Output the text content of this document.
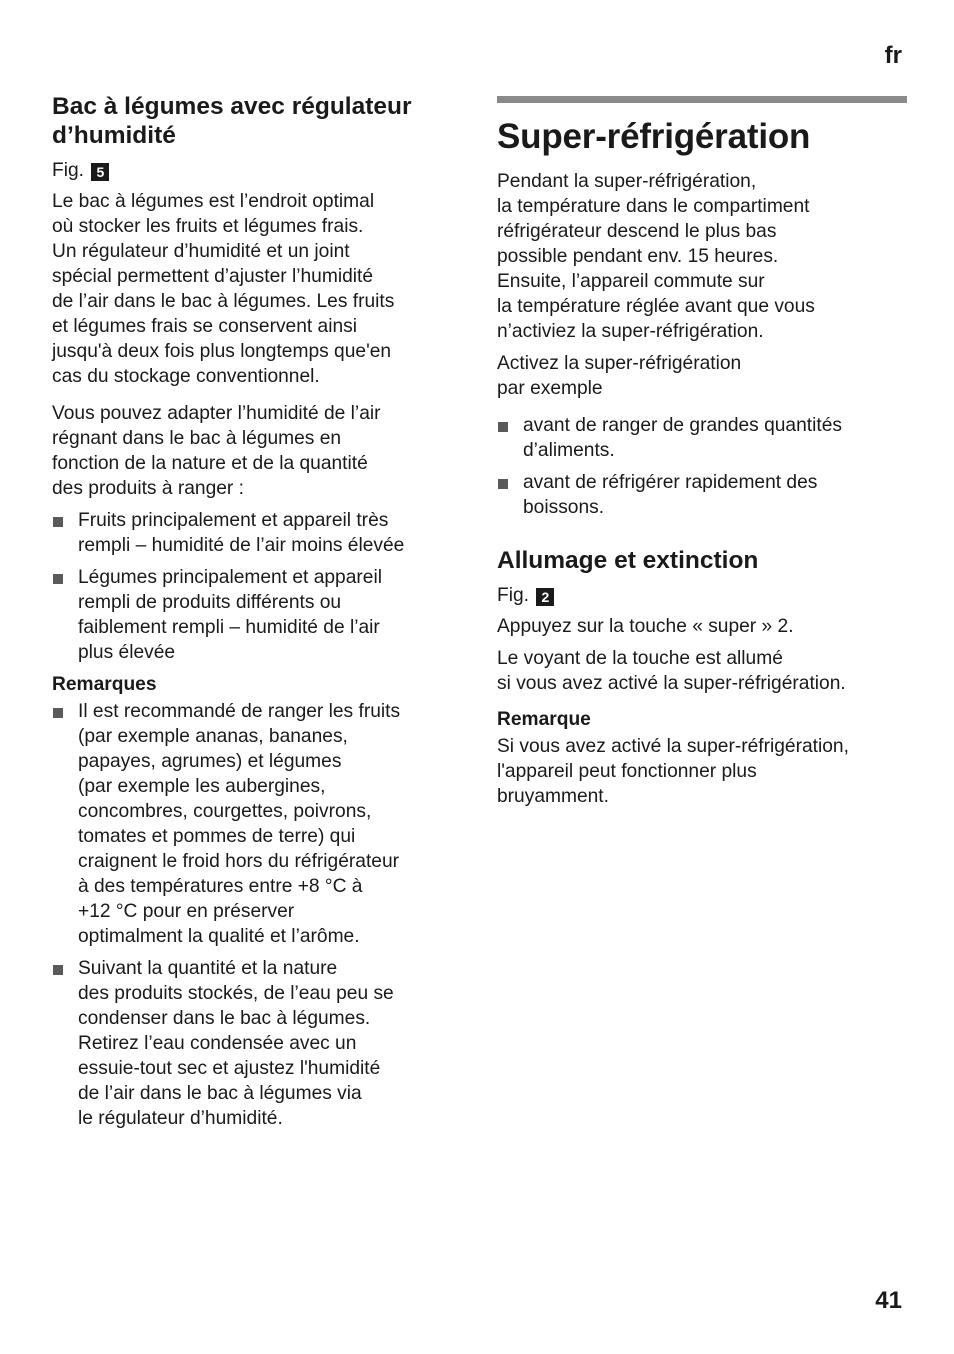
fr
Bac à légumes avec régulateur
d’humidité
Fig. 5

Le bac à légumes est l’endroit optimal
où stocker les fruits et légumes frais.
Un régulateur d’humidité et un joint
spécial permettent d’ajuster l’humidité
de l’air dans le bac à légumes. Les fruits
et légumes frais se conservent ainsi
jusqu'à deux fois plus longtemps que'en
cas du stockage conventionnel.

Vous pouvez adapter l’humidité de l’air
régnant dans le bac à légumes en
fonction de la nature et de la quantité
des produits à ranger :

Fruits principalement et appareil très
rempli – humidité de l’air moins élevée
Légumes principalement et appareil
rempli de produits différents ou
faiblement rempli – humidité de l’air
plus élevée
Remarques
Il est recommandé de ranger les fruits
(par exemple ananas, bananes,
papayes, agrumes) et légumes
(par exemple les aubergines,
concombres, courgettes, poivrons,
tomates et pommes de terre) qui
craignent le froid hors du réfrigérateur
à des températures entre +8 °C à
+12 °C pour en préserver
optimalment la qualité et l’arôme.
Suivant la quantité et la nature
des produits stockés, de l’eau peu se
condenser dans le bac à légumes.
Retirez l’eau condensée avec un
essuie-tout sec et ajustez l'humidité
de l’air dans le bac à légumes via
le régulateur d’humidité.
Super-réfrigération

Pendant la super-réfrigération,
la température dans le compartiment
réfrigérateur descend le plus bas
possible pendant env. 15 heures.
Ensuite, l’appareil commute sur
la température réglée avant que vous
n’activiez la super-réfrigération.

Activez la super-réfrigération
par exemple

avant de ranger de grandes quantités
d’aliments.
avant de réfrigérer rapidement des
boissons.
Allumage et extinction
Fig. 2

Appuyez sur la touche « super » 2.

Le voyant de la touche est allumé
si vous avez activé la super-réfrigération.

Remarque

Si vous avez activé la super-réfrigération,
l'appareil peut fonctionner plus
bruyamment.

41
